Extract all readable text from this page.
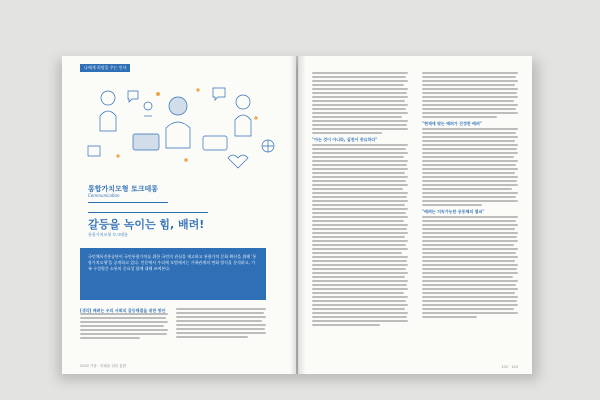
나에게 희망을 주는 인사
통합가치모형 토크테롱
Communication
갈등을 녹이는 힘, 배려!
통합가치모형 토크테롱
국민체육진흥공단이 국민통합가치를 위한 국민의 관심을 제고하고 통합가치 문화 확산을 위해 '통합가치모형'을 공개하고 있다. 인문에서 우리에 모범에서는 가족관계의 변화 양식을 분석하고, 가족 구성원간 소통의 중요성 함께 대해 쓰여본다.
[생각] 배려는 우리 사회의 갈등해결을 위한 방안
2020 가을 · 미래를 위한 통합
"아는 것이 아니라, 실천이 중요하다"
"현재에 맞는 배려가 진정한 배려"
"배려는 지속가능한 공동체의 열쇠"
102 · 103
